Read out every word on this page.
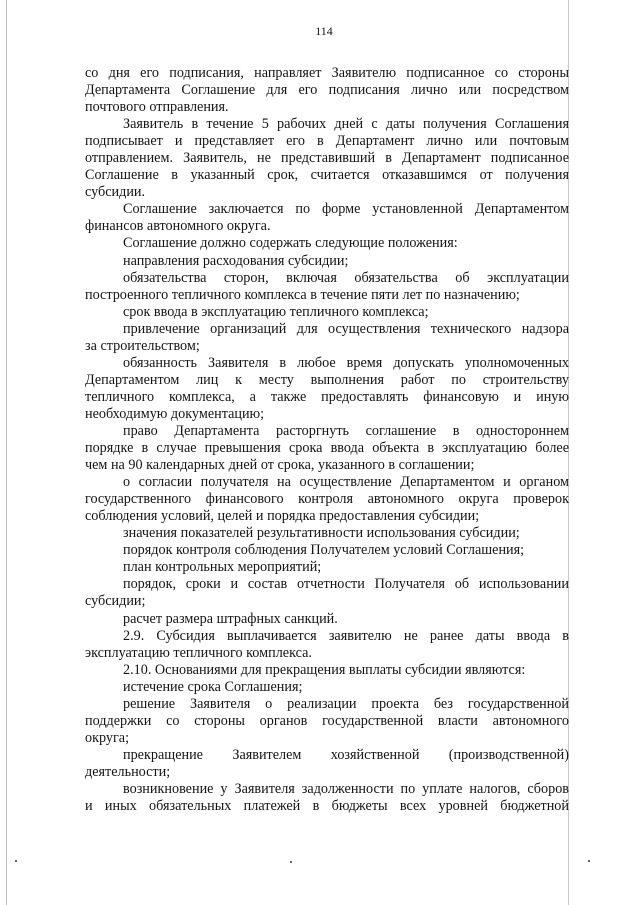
114
со дня его подписания, направляет Заявителю подписанное со стороны
Департамента Соглашение для его подписания лично или посредством
почтового отправления.
Заявитель в течение 5 рабочих дней с даты получения Соглашения
подписывает и представляет его в Департамент лично или почтовым
отправлением. Заявитель, не представивший в Департамент подписанное
Соглашение в указанный срок, считается отказавшимся от получения
субсидии.
Соглашение заключается по форме установленной Департаментом
финансов автономного округа.
Соглашение должно содержать следующие положения:
направления расходования субсидии;
обязательства сторон, включая обязательства об эксплуатации
построенного тепличного комплекса в течение пяти лет по назначению;
срок ввода в эксплуатацию тепличного комплекса;
привлечение организаций для осуществления технического надзора
за строительством;
обязанность Заявителя в любое время допускать уполномоченных
Департаментом лиц к месту выполнения работ по строительству
тепличного комплекса, а также предоставлять финансовую и иную
необходимую документацию;
право Департамента расторгнуть соглашение в одностороннем
порядке в случае превышения срока ввода объекта в эксплуатацию более
чем на 90 календарных дней от срока, указанного в соглашении;
о согласии получателя на осуществление Департаментом и органом
государственного финансового контроля автономного округа проверок
соблюдения условий, целей и порядка предоставления субсидии;
значения показателей результативности использования субсидии;
порядок контроля соблюдения Получателем условий Соглашения;
план контрольных мероприятий;
порядок, сроки и состав отчетности Получателя об использовании
субсидии;
расчет размера штрафных санкций.
2.9. Субсидия выплачивается заявителю не ранее даты ввода в
эксплуатацию тепличного комплекса.
2.10. Основаниями для прекращения выплаты субсидии являются:
истечение срока Соглашения;
решение Заявителя о реализации проекта без государственной
поддержки со стороны органов государственной власти автономного
округа;
прекращение Заявителем хозяйственной (производственной)
деятельности;
возникновение у Заявителя задолженности по уплате налогов, сборов
и иных обязательных платежей в бюджеты всех уровней бюджетной
